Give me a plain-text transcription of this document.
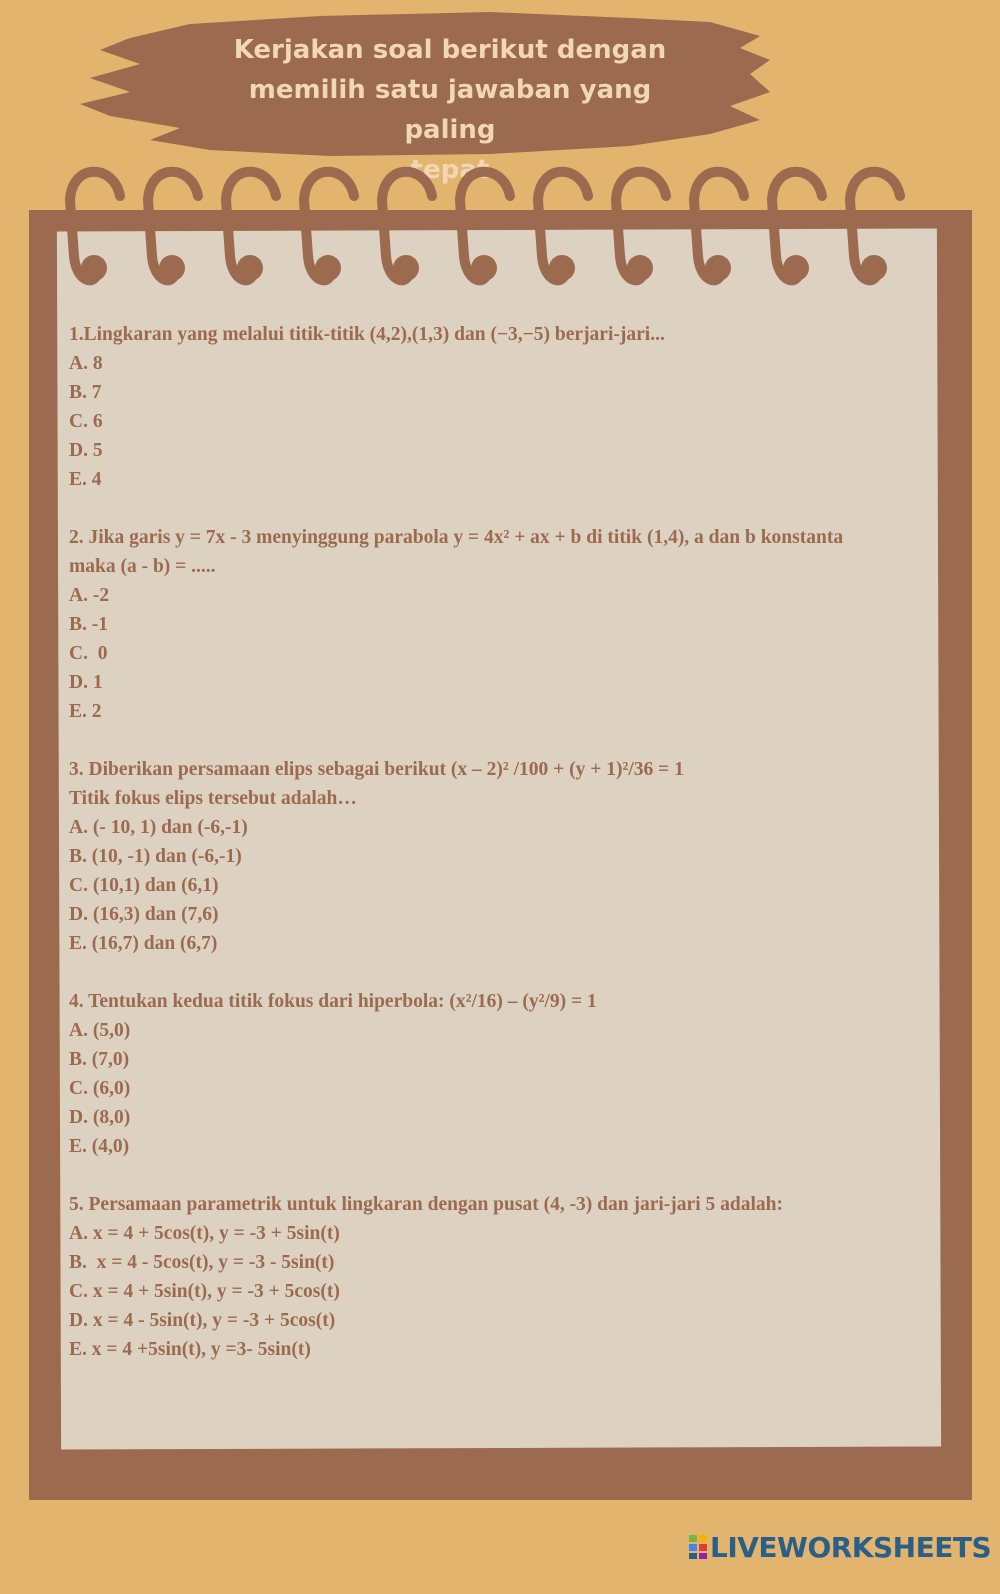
Kerjakan soal berikut dengan
memilih satu jawaban yang paling
tepat
1.Lingkaran yang melalui titik-titik (4,2),(1,3) dan (−3,−5) berjari-jari...
A. 8
B. 7
C. 6
D. 5
E. 4
2. Jika garis y = 7x - 3 menyinggung parabola y = 4x² + ax + b di titik (1,4), a dan b konstanta
maka (a - b) = .....
A. -2
B. -1
C.  0
D. 1
E. 2
3. Diberikan persamaan elips sebagai berikut (x – 2)² /100 + (y + 1)²/36 = 1
Titik fokus elips tersebut adalah…
A. (- 10, 1) dan (-6,-1)
B. (10, -1) dan (-6,-1)
C. (10,1) dan (6,1)
D. (16,3) dan (7,6)
E. (16,7) dan (6,7)
4. Tentukan kedua titik fokus dari hiperbola: (x²/16) – (y²/9) = 1
A. (5,0)
B. (7,0)
C. (6,0)
D. (8,0)
E. (4,0)
5. Persamaan parametrik untuk lingkaran dengan pusat (4, -3) dan jari-jari 5 adalah:
A. x = 4 + 5cos(t), y = -3 + 5sin(t)
B.  x = 4 - 5cos(t), y = -3 - 5sin(t)
C. x = 4 + 5sin(t), y = -3 + 5cos(t)
D. x = 4 - 5sin(t), y = -3 + 5cos(t)
E. x = 4 +5sin(t), y =3- 5sin(t)
LIVEWORKSHEETS
